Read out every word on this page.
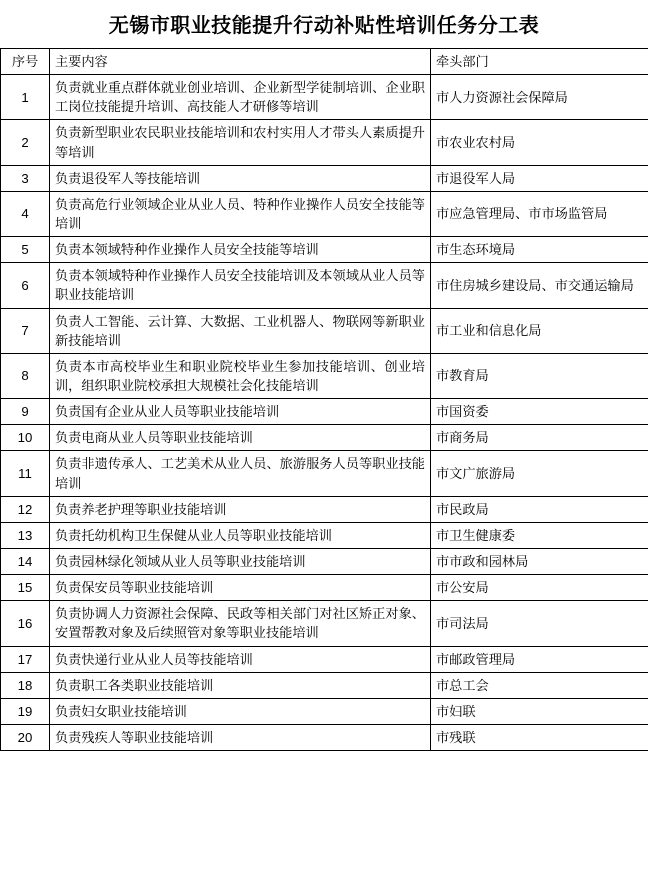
无锡市职业技能提升行动补贴性培训任务分工表
序号	主要内容	牵头部门
1	负责就业重点群体就业创业培训、企业新型学徒制培训、企业职工岗位技能提升培训、高技能人才研修等培训	市人力资源社会保障局
2	负责新型职业农民职业技能培训和农村实用人才带头人素质提升等培训	市农业农村局
3	负责退役军人等技能培训	市退役军人局
4	负责高危行业领域企业从业人员、特种作业操作人员安全技能等培训	市应急管理局、市市场监管局
5	负责本领域特种作业操作人员安全技能等培训	市生态环境局
6	负责本领域特种作业操作人员安全技能培训及本领域从业人员等职业技能培训	市住房城乡建设局、市交通运输局
7	负责人工智能、云计算、大数据、工业机器人、物联网等新职业新技能培训	市工业和信息化局
8	负责本市高校毕业生和职业院校毕业生参加技能培训、创业培训，组织职业院校承担大规模社会化技能培训	市教育局
9	负责国有企业从业人员等职业技能培训	市国资委
10	负责电商从业人员等职业技能培训	市商务局
11	负责非遗传承人、工艺美术从业人员、旅游服务人员等职业技能培训	市文广旅游局
12	负责养老护理等职业技能培训	市民政局
13	负责托幼机构卫生保健从业人员等职业技能培训	市卫生健康委
14	负责园林绿化领域从业人员等职业技能培训	市市政和园林局
15	负责保安员等职业技能培训	市公安局
16	负责协调人力资源社会保障、民政等相关部门对社区矫正对象、安置帮教对象及后续照管对象等职业技能培训	市司法局
17	负责快递行业从业人员等技能培训	市邮政管理局
18	负责职工各类职业技能培训	市总工会
19	负责妇女职业技能培训	市妇联
20	负责残疾人等职业技能培训	市残联
